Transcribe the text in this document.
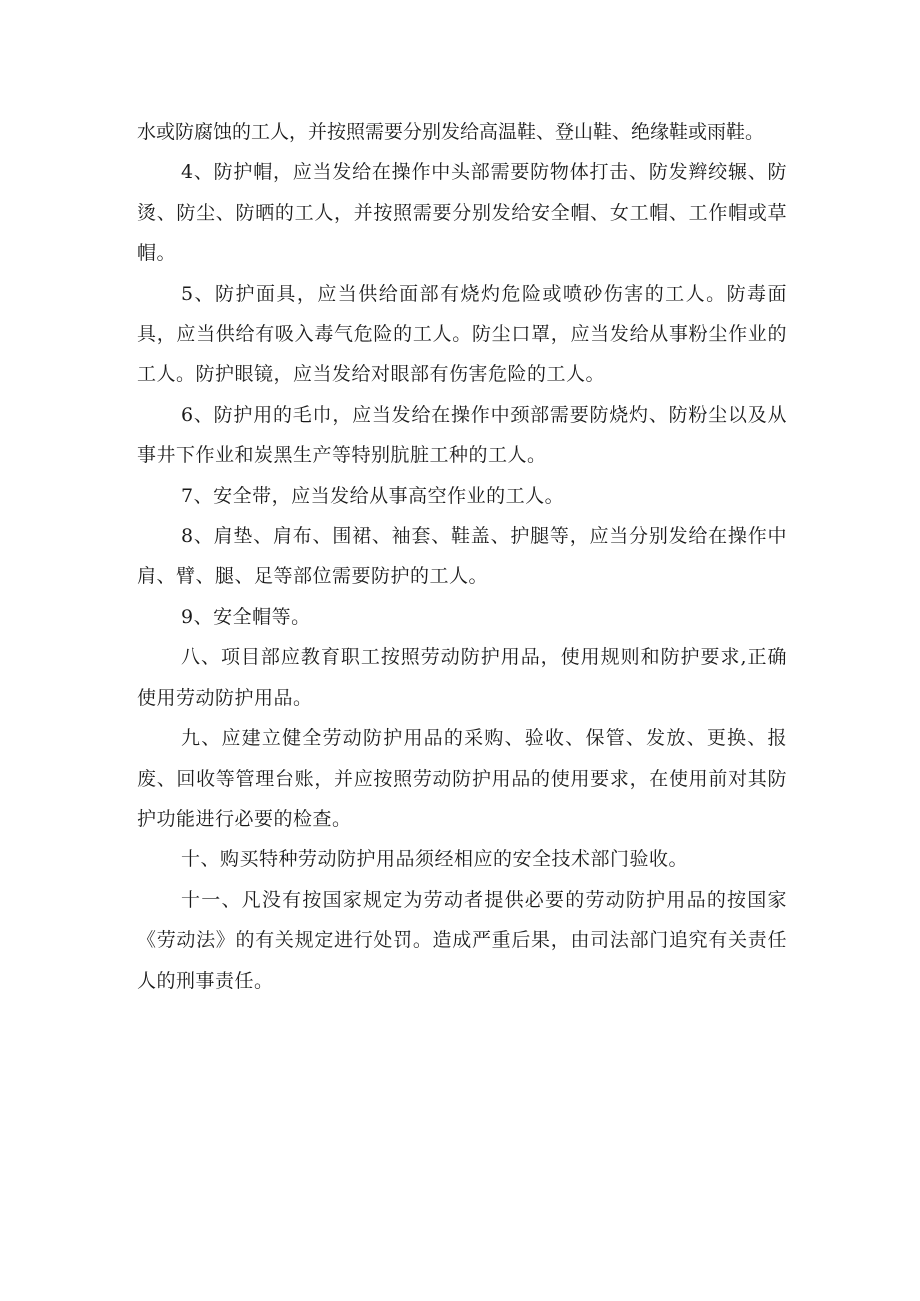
水或防腐蚀的工人，并按照需要分别发给高温鞋、登山鞋、绝缘鞋或雨鞋。

4、防护帽，应当发给在操作中头部需要防物体打击、防发辫绞辗、防烫、防尘、防晒的工人，并按照需要分别发给安全帽、女工帽、工作帽或草帽。

5、防护面具，应当供给面部有烧灼危险或喷砂伤害的工人。防毒面具，应当供给有吸入毒气危险的工人。防尘口罩，应当发给从事粉尘作业的工人。防护眼镜，应当发给对眼部有伤害危险的工人。

6、防护用的毛巾，应当发给在操作中颈部需要防烧灼、防粉尘以及从事井下作业和炭黑生产等特别肮脏工种的工人。

7、安全带，应当发给从事高空作业的工人。

8、肩垫、肩布、围裙、袖套、鞋盖、护腿等，应当分别发给在操作中肩、臂、腿、足等部位需要防护的工人。

9、安全帽等。

八、项目部应教育职工按照劳动防护用品，使用规则和防护要求,正确使用劳动防护用品。

九、应建立健全劳动防护用品的采购、验收、保管、发放、更换、报废、回收等管理台账，并应按照劳动防护用品的使用要求，在使用前对其防护功能进行必要的检查。

十、购买特种劳动防护用品须经相应的安全技术部门验收。

十一、凡没有按国家规定为劳动者提供必要的劳动防护用品的按国家《劳动法》的有关规定进行处罚。造成严重后果，由司法部门追究有关责任人的刑事责任。
